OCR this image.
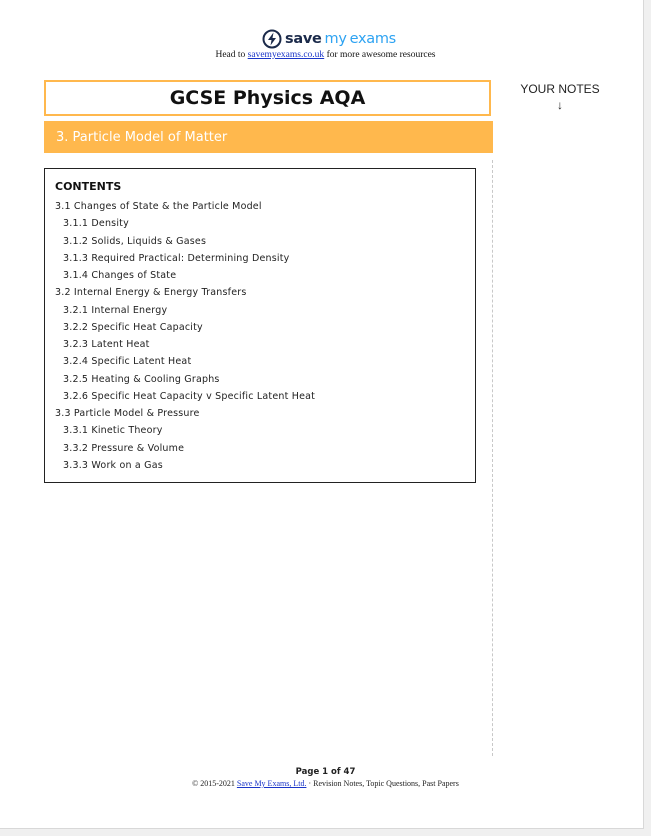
save my exams
Head to savemyexams.co.uk for more awesome resources
GCSE Physics AQA	YOUR NOTES
↓
3. Particle Model of Matter
CONTENTS
3.1 Changes of State & the Particle Model
3.1.1 Density
3.1.2 Solids, Liquids & Gases
3.1.3 Required Practical: Determining Density
3.1.4 Changes of State
3.2 Internal Energy & Energy Transfers
3.2.1 Internal Energy
3.2.2 Specific Heat Capacity
3.2.3 Latent Heat
3.2.4 Specific Latent Heat
3.2.5 Heating & Cooling Graphs
3.2.6 Specific Heat Capacity v Specific Latent Heat
3.3 Particle Model & Pressure
3.3.1 Kinetic Theory
3.3.2 Pressure & Volume
3.3.3 Work on a Gas
Page 1 of 47
© 2015-2021 Save My Exams, Ltd. · Revision Notes, Topic Questions, Past Papers
